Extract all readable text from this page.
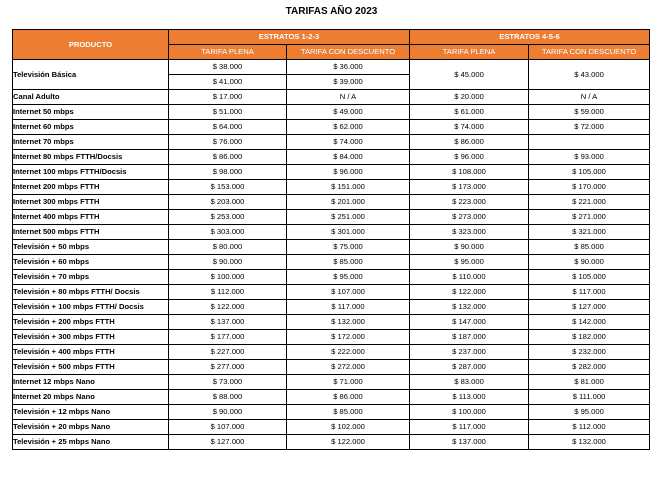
TARIFAS AÑO 2023
PRODUCTO	ESTRATOS 1-2-3		ESTRATOS 4-5-6	
	TARIFA PLENA	TARIFA CON DESCUENTO	TARIFA PLENA	TARIFA CON DESCUENTO
Televisión Básica	$ 38.000	$ 36.000	$ 45.000	$ 43.000
	$ 41.000	$ 39.000		
Canal Adulto	$ 17.000	N / A	$ 20.000	N / A
Internet 50 mbps	$ 51.000	$ 49.000	$ 61.000	$ 59.000
Internet 60 mbps	$ 64.000	$ 62.000	$ 74.000	$ 72.000
Internet 70 mbps	$ 76.000	$ 74.000	$ 86.000	
Internet 80 mbps FTTH/Docsis	$ 86.000	$ 84.000	$ 96.000	$ 93.000
Internet 100 mbps FTTH/Docsis	$ 98.000	$ 96.000	$ 108.000	$ 105.000
Internet 200 mbps FTTH	$ 153.000	$ 151.000	$ 173.000	$ 170.000
Internet 300 mbps FTTH	$ 203.000	$ 201.000	$ 223.000	$ 221.000
Internet 400 mbps FTTH	$ 253.000	$ 251.000	$ 273.000	$ 271.000
Internet 500 mbps FTTH	$ 303.000	$ 301.000	$ 323.000	$ 321.000
Televisión + 50 mbps	$ 80.000	$ 75.000	$ 90.000	$ 85.000
Televisión + 60 mbps	$ 90.000	$ 85.000	$ 95.000	$ 90.000
Televisión + 70 mbps	$ 100.000	$ 95.000	$ 110.000	$ 105.000
Televisión + 80 mbps FTTH/ Docsis	$ 112.000	$ 107.000	$ 122.000	$ 117.000
Televisión + 100 mbps FTTH/ Docsis	$ 122.000	$ 117.000	$ 132.000	$ 127.000
Televisión + 200 mbps FTTH	$ 137.000	$ 132.000	$ 147.000	$ 142.000
Televisión + 300 mbps FTTH	$ 177.000	$ 172.000	$ 187.000	$ 182.000
Televisión + 400 mbps FTTH	$ 227.000	$ 222.000	$ 237.000	$ 232.000
Televisión + 500 mbps FTTH	$ 277.000	$ 272.000	$ 287.000	$ 282.000
Internet 12 mbps Nano	$ 73.000	$ 71.000	$ 83.000	$ 81.000
Internet 20 mbps Nano	$ 88.000	$ 86.000	$ 113.000	$ 111.000
Televisión + 12 mbps Nano	$ 90.000	$ 85.000	$ 100.000	$ 95.000
Televisión + 20 mbps Nano	$ 107.000	$ 102.000	$ 117.000	$ 112.000
Televisión + 25 mbps Nano	$ 127.000	$ 122.000	$ 137.000	$ 132.000
